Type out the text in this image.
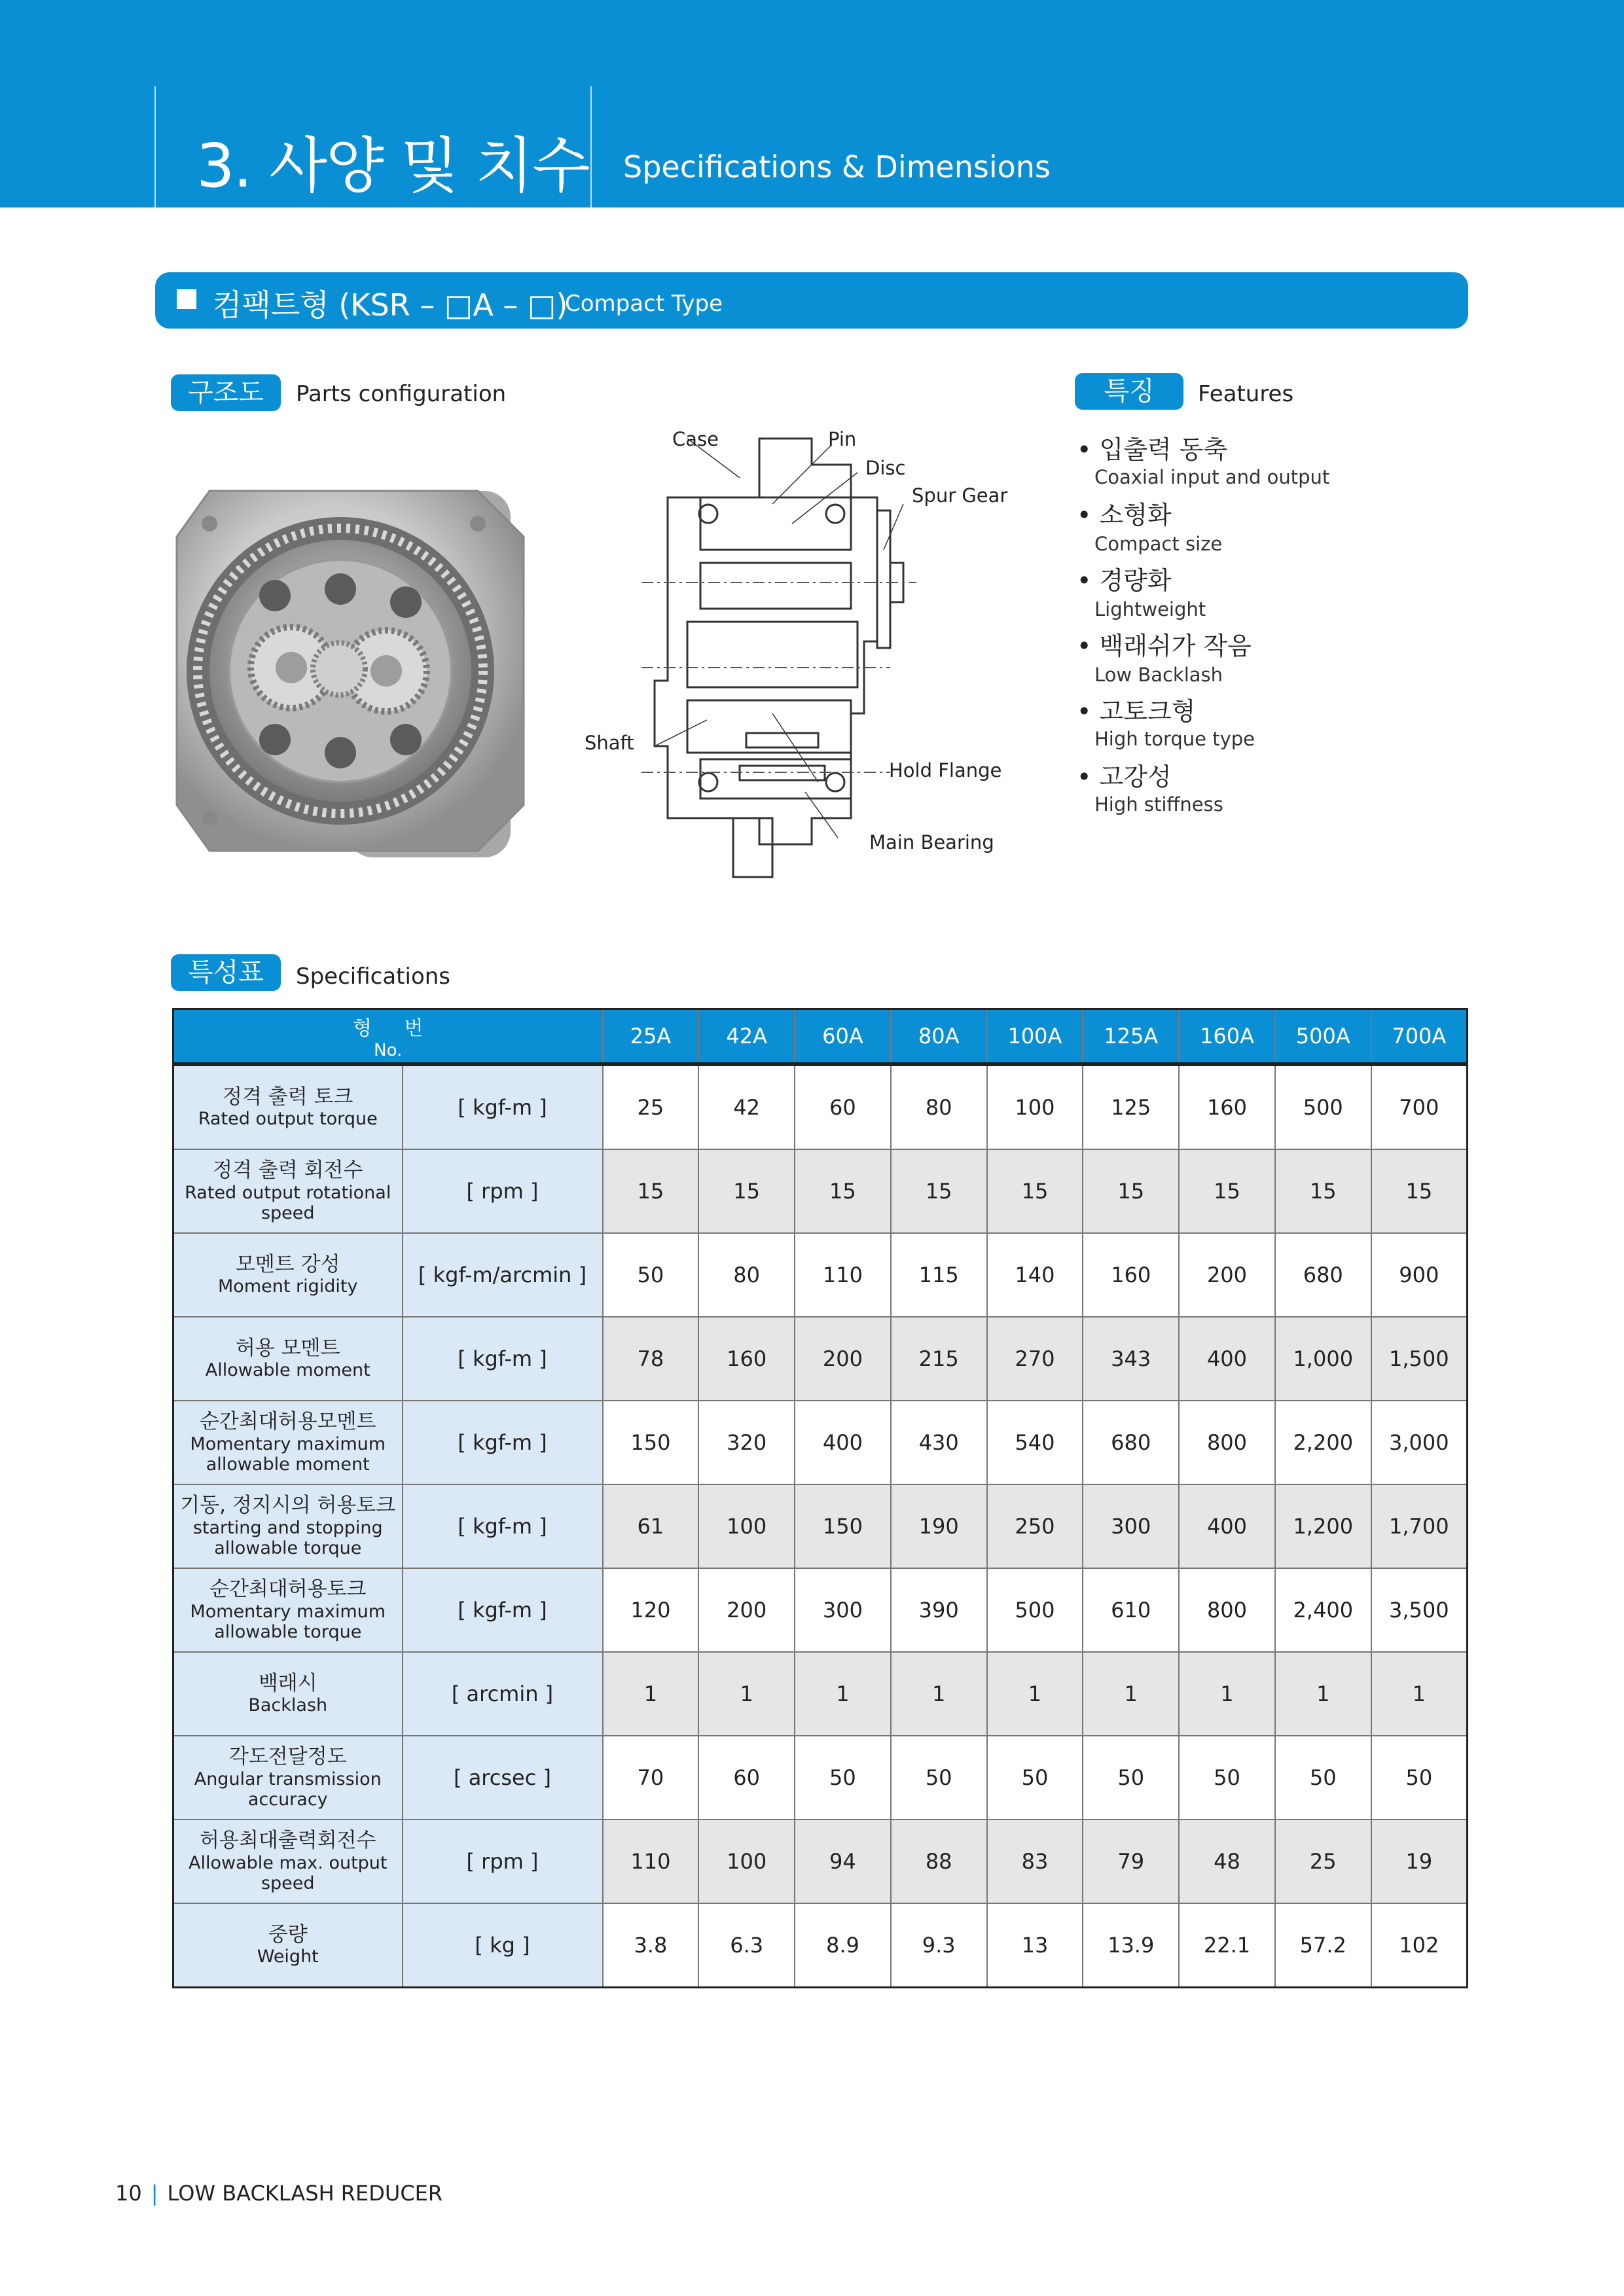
3. 사양 및 치수 Specifications & Dimensions
컴팩트형 (KSR – □A – □)
Compact Type
구조도	Parts configuration	특징	Features
Case	Pin
Disc
Spur Gear
Shaft
Hold Flange
Main Bearing
• 입출력 동축
Coaxial input and output
• 소형화
Compact size
• 경량화
Lightweight
• 백래쉬가 작음
Low Backlash
• 고토크형
High torque type
• 고강성
High stiffness
특성표	Specifications
형 번
No.		25A	42A	60A	80A	100A	125A	160A	500A	700A

정격 출력 토크
Rated output torque	[ kgf-m ]	25	42	60	80	100	125	160	500	700

정격 출력 회전수
Rated output rotational speed	[ rpm ]	15	15	15	15	15	15	15	15	15

모멘트 강성
Moment rigidity	[ kgf-m/arcmin ]	50	80	110	115	140	160	200	680	900

허용 모멘트
Allowable moment	[ kgf-m ]	78	160	200	215	270	343	400	1,000	1,500

순간최대허용모멘트
Momentary maximum allowable moment	[ kgf-m ]	150	320	400	430	540	680	800	2,200	3,000

기동, 정지시의 허용토크
starting and stopping allowable torque	[ kgf-m ]	61	100	150	190	250	300	400	1,200	1,700

순간최대허용토크
Momentary maximum allowable torque	[ kgf-m ]	120	200	300	390	500	610	800	2,400	3,500

백래시
Backlash	[ arcmin ]	1	1	1	1	1	1	1	1	1

각도전달정도
Angular transmission accuracy	[ arcsec ]	70	60	50	50	50	50	50	50	50

허용최대출력회전수
Allowable max. output speed	[ rpm ]	110	100	94	88	83	79	48	25	19

중량
Weight	[ kg ]	3.8	6.3	8.9	9.3	13	13.9	22.1	57.2	102
10 | LOW BACKLASH REDUCER
